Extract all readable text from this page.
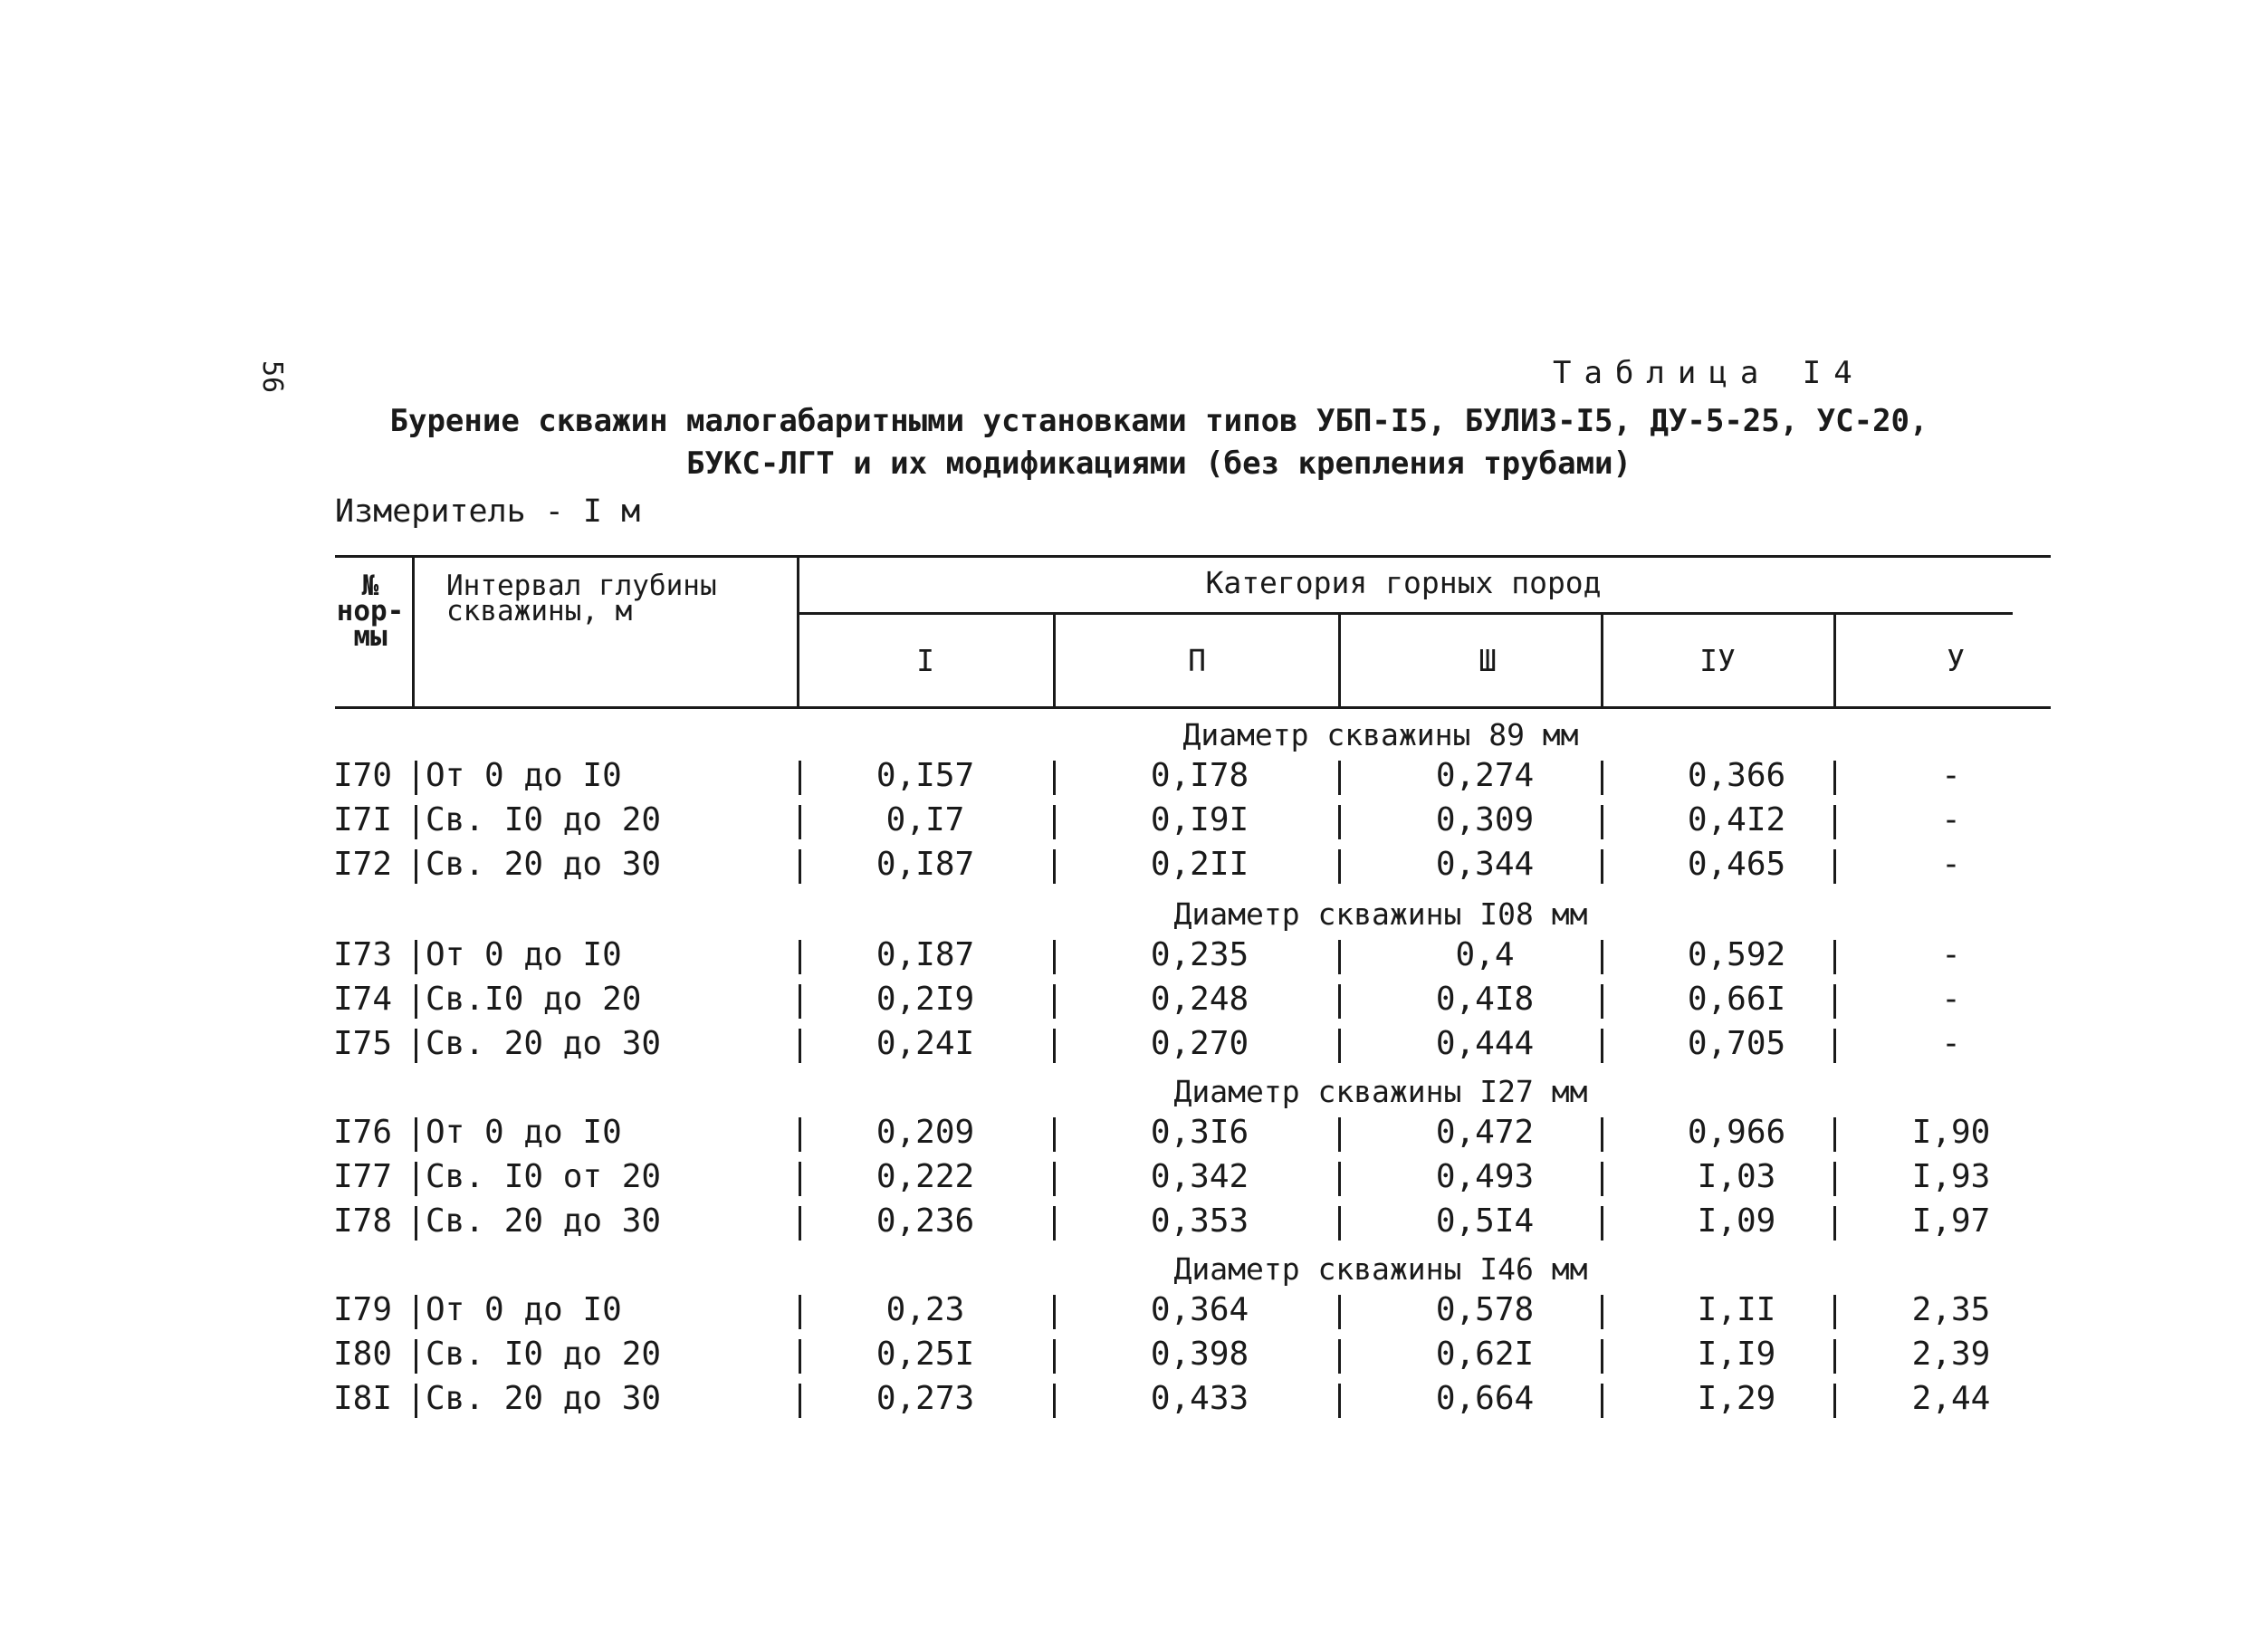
56	Таблица I4
Бурение скважин малогабаритными установками типов УБП-I5, БУЛИЗ-I5, ДУ-5-25, УС-20,
БУКС-ЛГТ и их модификациями (без крепления трубами)
Измеритель - I м
№ нор- мы
Интервал глубины скважины, м
Категория горных пород
I	П	Ш	IУ	У
Диаметр скважины 89 мм
I70 От 0 до I0	0,I57	0,I78	0,274	0,366	-
I7I Св. I0 до 20	0,I7	0,I9I	0,309	0,4I2	-
I72 Св. 20 до 30	0,I87	0,2II	0,344	0,465	-
Диаметр скважины I08 мм
I73 От 0 до I0	0,I87	0,235	0,4	0,592	-
I74 Св.I0 до 20	0,2I9	0,248	0,4I8	0,66I	-
I75 Св. 20 до 30	0,24I	0,270	0,444	0,705	-
Диаметр скважины I27 мм
I76 От 0 до I0	0,209	0,3I6	0,472	0,966	I,90
I77 Св. I0 от 20	0,222	0,342	0,493	I,03	I,93
I78 Св. 20 до 30	0,236	0,353	0,5I4	I,09	I,97
Диаметр скважины I46 мм
I79 От 0 до I0	0,23	0,364	0,578	I,II	2,35
I80 Св. I0 до 20	0,25I	0,398	0,62I	I,I9	2,39
I8I Св. 20 до 30	0,273	0,433	0,664	I,29	2,44
